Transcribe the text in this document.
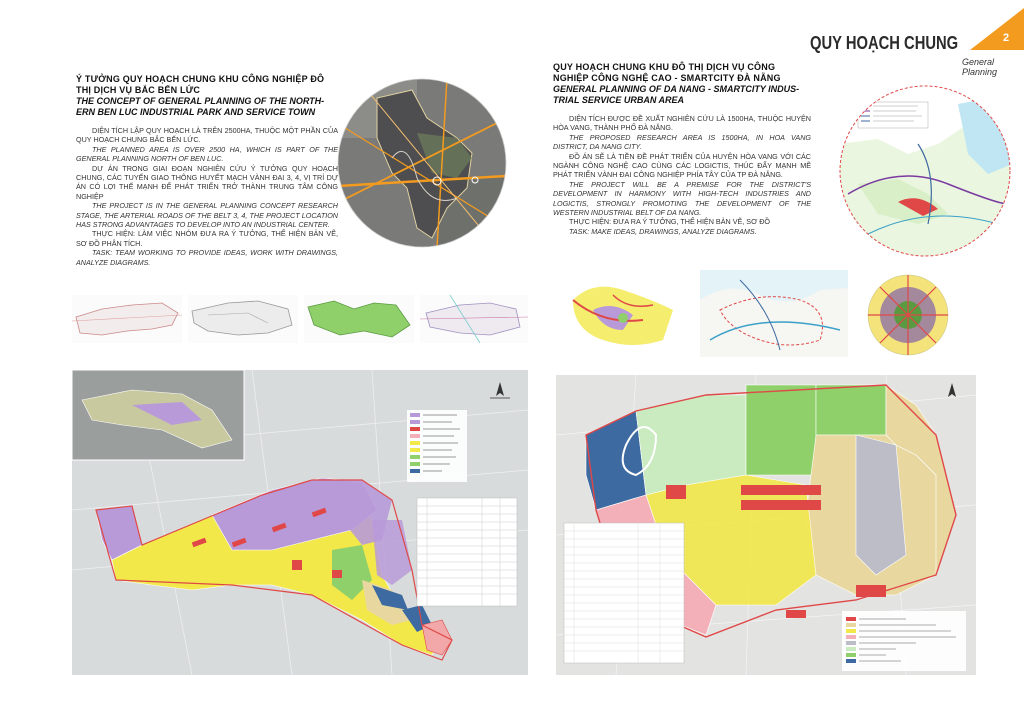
2
QUY HOẠCH CHUNG
General
Planning
Ý TƯỞNG QUY HOẠCH CHUNG KHU CÔNG NGHIỆP ĐÔ
THỊ DỊCH VỤ BẮC BẾN LỨC
THE CONCEPT OF GENERAL PLANNING OF THE NORTH-
ERN BEN LUC INDUSTRIAL PARK AND SERVICE TOWN

DIỆN TÍCH LẬP QUY HOẠCH LÀ TRÊN 2500HA, THUỘC MỘT PHẦN CỦA QUY HOẠCH CHUNG BẮC BẾN LỨC.

THE PLANNED AREA IS OVER 2500 HA, WHICH IS PART OF THE GENERAL PLANNING NORTH OF BEN LUC.

DỰ ÁN TRONG GIAI ĐOẠN NGHIÊN CỨU Ý TƯỞNG QUY HOẠCH CHUNG, CÁC TUYẾN GIAO THÔNG HUYẾT MẠCH VÀNH ĐAI 3, 4, VỊ TRÍ DỰ ÁN CÓ LỢI THẾ MẠNH ĐỂ PHÁT TRIỂN TRỞ THÀNH TRUNG TÂM CÔNG NGHIỆP

THE PROJECT IS IN THE GENERAL PLANNING CONCEPT RESEARCH STAGE, THE ARTERIAL ROADS OF THE BELT 3, 4, THE PROJECT LOCATION HAS STRONG ADVANTAGES TO DEVELOP INTO AN INDUSTRIAL CENTER.

THỰC HIỆN: LÀM VIỆC NHÓM ĐƯA RA Ý TƯỞNG, THỂ HIỆN BẢN VẼ, SƠ ĐỒ PHÂN TÍCH.

TASK: TEAM WORKING TO PROVIDE IDEAS, WORK WITH DRAWINGS, ANALYZE DIAGRAMS.

QUY HOẠCH CHUNG KHU ĐÔ THỊ DỊCH VỤ CÔNG
NGHIỆP CÔNG NGHỆ CAO - SMARTCITY ĐÀ NẴNG
GENERAL PLANNING OF DA NANG - SMARTCITY INDUS-
TRIAL SERVICE URBAN AREA

DIỆN TÍCH ĐƯỢC ĐỀ XUẤT NGHIÊN CỨU LÀ 1500HA, THUỘC HUYỆN HÒA VANG, THÀNH PHỐ ĐÀ NẴNG.

THE PROPOSED RESEARCH AREA IS 1500HA, IN HOA VANG DISTRICT, DA NANG CITY.

ĐỒ ÁN SẼ LÀ TIỀN ĐỀ PHÁT TRIỂN CỦA HUYỆN HÒA VANG VỚI CÁC NGÀNH CÔNG NGHỆ CAO CÙNG CÁC LOGICTIS, THÚC ĐẨY MẠNH MẼ PHÁT TRIỂN VÀNH ĐAI CÔNG NGHIỆP PHÍA TÂY CỦA TP ĐÀ NẴNG.

THE PROJECT WILL BE A PREMISE FOR THE DISTRICT'S DEVELOPMENT IN HARMONY WITH HIGH-TECH INDUSTRIES AND LOGICTIS, STRONGLY PROMOTING THE DEVELOPMENT OF THE WESTERN INDUSTRIAL BELT OF DA NANG.

THỰC HIỆN: ĐƯA RA Ý TƯỞNG, THỂ HIỆN BẢN VẼ, SƠ ĐỒ

TASK: MAKE IDEAS, DRAWINGS, ANALYZE DIAGRAMS.
